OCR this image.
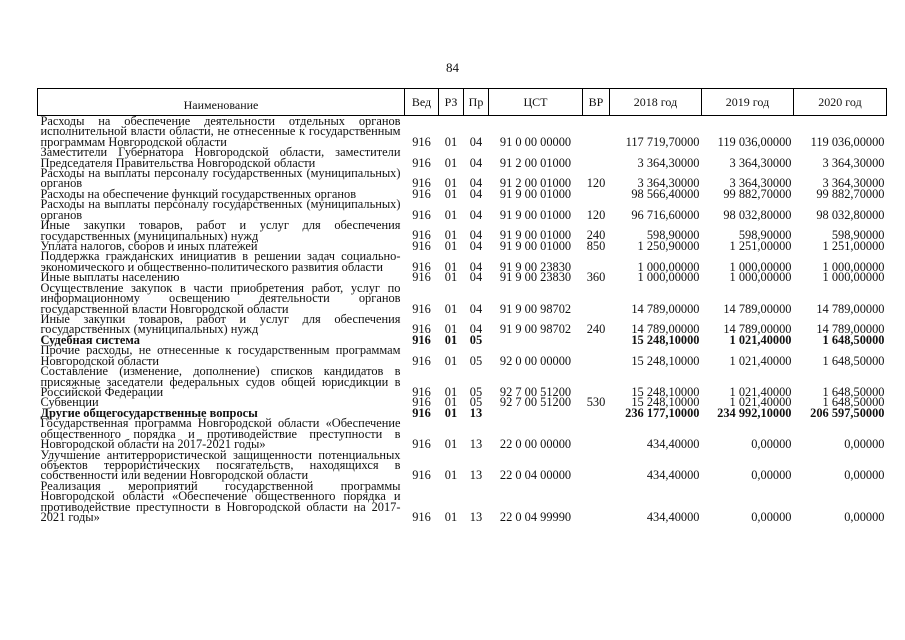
84
Наименование	Вед	РЗ	Пр	ЦСТ	ВР	2018 год	2019 год	2020 год
Расходы на обеспечение деятельности отдельных органов исполнительной власти области, не отнесенные к государственным программам Новгородской области	916	01	04	91 0 00 00000		117 719,70000	119 036,00000	119 036,00000
Заместители Губернатора Новгородской области, заместители Председателя Правительства Новгородской области	916	01	04	91 2 00 01000		3 364,30000	3 364,30000	3 364,30000
Расходы на выплаты персоналу государственных (муниципальных) органов	916	01	04	91 2 00 01000	120	3 364,30000	3 364,30000	3 364,30000
Расходы на обеспечение функций государственных органов	916	01	04	91 9 00 01000		98 566,40000	99 882,70000	99 882,70000
Расходы на выплаты персоналу государственных (муниципальных) органов	916	01	04	91 9 00 01000	120	96 716,60000	98 032,80000	98 032,80000
Иные закупки товаров, работ и услуг для обеспечения государственных (муниципальных) нужд	916	01	04	91 9 00 01000	240	598,90000	598,90000	598,90000
Уплата налогов, сборов и иных платежей	916	01	04	91 9 00 01000	850	1 250,90000	1 251,00000	1 251,00000
Поддержка гражданских инициатив в решении задач социально-экономического и общественно-политического развития области	916	01	04	91 9 00 23830		1 000,00000	1 000,00000	1 000,00000
Иные выплаты населению	916	01	04	91 9 00 23830	360	1 000,00000	1 000,00000	1 000,00000
Осуществление закупок в части приобретения работ, услуг по информационному освещению деятельности органов государственной власти Новгородской области	916	01	04	91 9 00 98702		14 789,00000	14 789,00000	14 789,00000
Иные закупки товаров, работ и услуг для обеспечения государственных (муниципальных) нужд	916	01	04	91 9 00 98702	240	14 789,00000	14 789,00000	14 789,00000
Судебная система	916	01	05			15 248,10000	1 021,40000	1 648,50000
Прочие расходы, не отнесенные к государственным программам Новгородской области	916	01	05	92 0 00 00000		15 248,10000	1 021,40000	1 648,50000
Составление (изменение, дополнение) списков кандидатов в присяжные заседатели федеральных судов общей юрисдикции в Российской Федерации	916	01	05	92 7 00 51200		15 248,10000	1 021,40000	1 648,50000
Субвенции	916	01	05	92 7 00 51200	530	15 248,10000	1 021,40000	1 648,50000
Другие общегосударственные вопросы	916	01	13			236 177,10000	234 992,10000	206 597,50000
Государственная программа Новгородской области «Обеспечение общественного порядка и противодействие преступности в Новгородской области на 2017-2021 годы»	916	01	13	22 0 00 00000		434,40000	0,00000	0,00000
Улучшение антитеррористической защищенности потенциальных объектов террористических посягательств, находящихся в собственности или ведении Новгородской области	916	01	13	22 0 04 00000		434,40000	0,00000	0,00000
Реализация мероприятий государственной программы Новгородской области «Обеспечение общественного порядка и противодействие преступности в Новгородской области на 2017-2021 годы»	916	01	13	22 0 04 99990		434,40000	0,00000	0,00000
